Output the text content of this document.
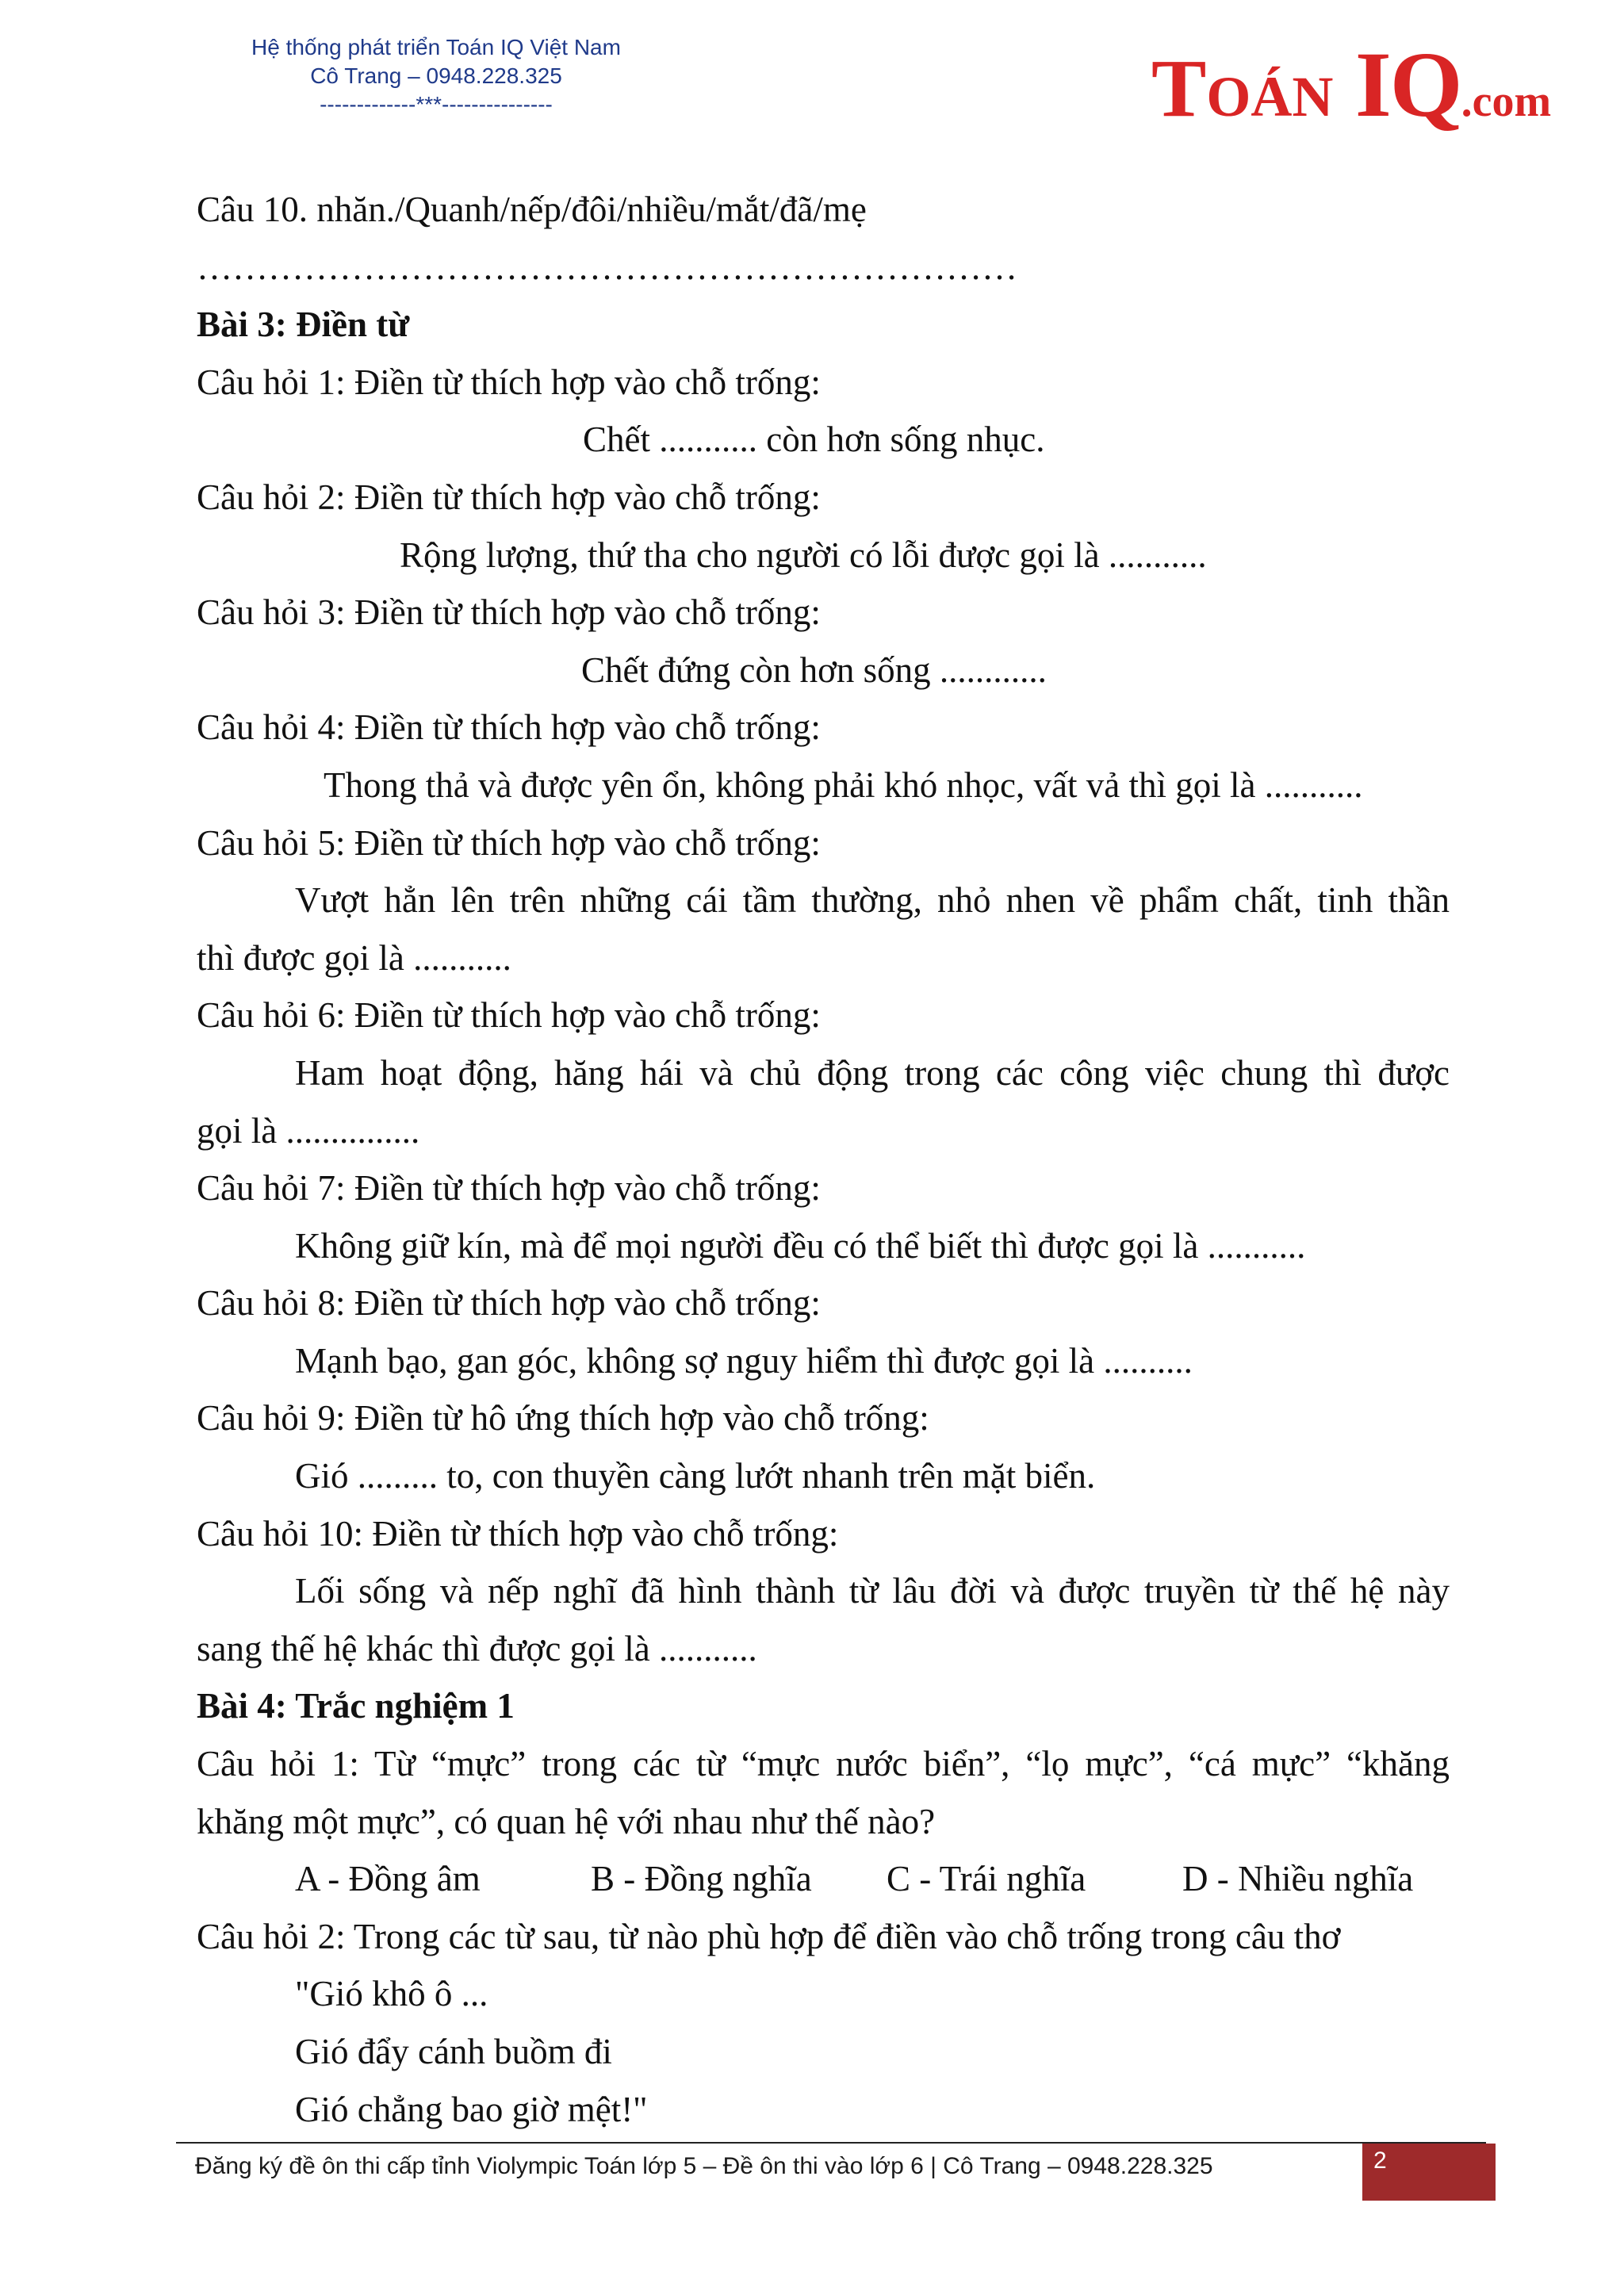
Hệ thống phát triển Toán IQ Việt Nam
Cô Trang – 0948.228.325
-------------***---------------	TOÁN IQ.com
Câu 10. nhăn./Quanh/nếp/đôi/nhiều/mắt/đã/mẹ
……………………………………………………………
Bài 3: Điền từ
Câu hỏi 1: Điền từ thích hợp vào chỗ trống:
Chết ........... còn hơn sống nhục.
Câu hỏi 2: Điền từ thích hợp vào chỗ trống:
Rộng lượng, thứ tha cho người có lỗi được gọi là ...........
Câu hỏi 3: Điền từ thích hợp vào chỗ trống:
Chết đứng còn hơn sống ............
Câu hỏi 4: Điền từ thích hợp vào chỗ trống:
Thong thả và được yên ổn, không phải khó nhọc, vất vả thì gọi là ...........
Câu hỏi 5: Điền từ thích hợp vào chỗ trống:
Vượt hẳn lên trên những cái tầm thường, nhỏ nhen về phẩm chất, tinh thần
thì được gọi là ...........
Câu hỏi 6: Điền từ thích hợp vào chỗ trống:
Ham hoạt động, hăng hái và chủ động trong các công việc chung thì được
gọi là ...............
Câu hỏi 7: Điền từ thích hợp vào chỗ trống:
Không giữ kín, mà để mọi người đều có thể biết thì được gọi là ...........
Câu hỏi 8: Điền từ thích hợp vào chỗ trống:
Mạnh bạo, gan góc, không sợ nguy hiểm thì được gọi là ..........
Câu hỏi 9: Điền từ hô ứng thích hợp vào chỗ trống:
Gió ......... to, con thuyền càng lướt nhanh trên mặt biển.
Câu hỏi 10: Điền từ thích hợp vào chỗ trống:
Lối sống và nếp nghĩ đã hình thành từ lâu đời và được truyền từ thế hệ này
sang thế hệ khác thì được gọi là ...........
Bài 4: Trắc nghiệm 1
Câu hỏi 1: Từ “mực” trong các từ “mực nước biển”, “lọ mực”, “cá mực” “khăng
khăng một mực”, có quan hệ với nhau như thế nào?
A - Đồng âm	B - Đồng nghĩa	C - Trái nghĩa	D - Nhiều nghĩa
Câu hỏi 2: Trong các từ sau, từ nào phù hợp để điền vào chỗ trống trong câu thơ
"Gió khô ô ...
Gió đẩy cánh buồm đi
Gió chẳng bao giờ mệt!"
Đăng ký đề ôn thi cấp tỉnh Violympic Toán lớp 5 – Đề ôn thi vào lớp 6 | Cô Trang – 0948.228.325	2
